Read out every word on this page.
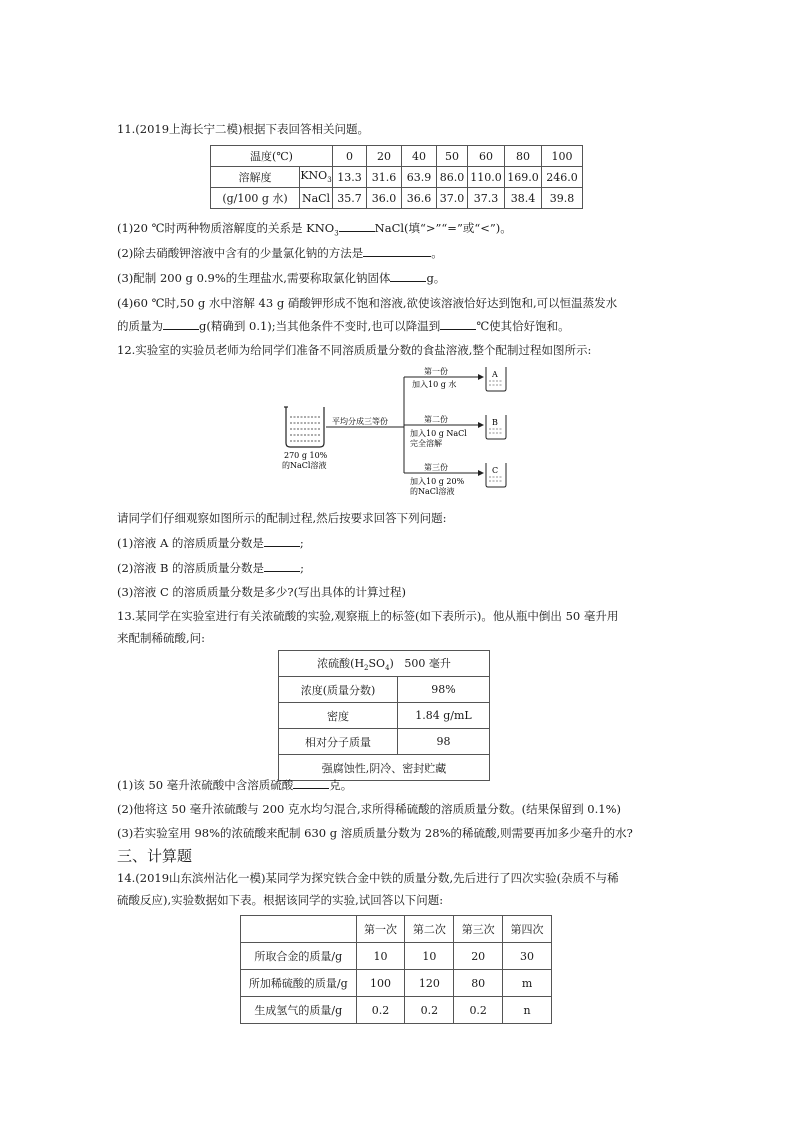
11.(2019上海长宁二模)根据下表回答相关问题。
温度(℃)		0	20	40	50	60	80	100
溶解度	$KNO_3$	13.3	31.6	63.9	86.0	110.0	169.0	246.0
(g/100 g 水)	NaCl	35.7	36.0	36.6	37.0	37.3	38.4	39.8
(1)20 ℃时两种物质溶解度的关系是 $KNO_3$	NaCl(填“>”“=”或“<”)。
(2)除去硝酸钾溶液中含有的少量氯化钠的方法是	。
(3)配制 200 g 0.9%的生理盐水,需要称取氯化钠固体	g。
(4)60 ℃时,50 g 水中溶解 43 g 硝酸钾形成不饱和溶液,欲使该溶液恰好达到饱和,可以恒温蒸发水
的质量为	g(精确到 0.1);当其他条件不变时,也可以降温到	℃使其恰好饱和。
12.实验室的实验员老师为给同学们准备不同溶质质量分数的食盐溶液,整个配制过程如图所示:
270 g 10%
的NaCl溶液
平均分成三等份
第一份
加入10 g 水
第二份
加入10 g NaCl
完全溶解
第三份
加入10 g 20%
的NaCl溶液
A
B
C
请同学们仔细观察如图所示的配制过程,然后按要求回答下列问题:
(1)溶液 A 的溶质质量分数是	;
(2)溶液 B 的溶质质量分数是	;
(3)溶液 C 的溶质质量分数是多少?(写出具体的计算过程)
13.某同学在实验室进行有关浓硫酸的实验,观察瓶上的标签(如下表所示)。他从瓶中倒出 50 毫升用
来配制稀硫酸,问:
浓硫酸$(H_2SO_4)$ 500 毫升	
浓度(质量分数)	98%
密度	1.84 g/mL
相对分子质量	98
强腐蚀性,阴冷、密封贮藏	
(1)该 50 毫升浓硫酸中含溶质硫酸	克。
(2)他将这 50 毫升浓硫酸与 200 克水均匀混合,求所得稀硫酸的溶质质量分数。(结果保留到 0.1%)
(3)若实验室用 98%的浓硫酸来配制 630 g 溶质质量分数为 28%的稀硫酸,则需要再加多少毫升的水?
三、计算题
14.(2019山东滨州沾化一模)某同学为探究铁合金中铁的质量分数,先后进行了四次实验(杂质不与稀
硫酸反应),实验数据如下表。根据该同学的实验,试回答以下问题:
	第一次	第二次	第三次	第四次
所取合金的质量/g	10	10	20	30
所加稀硫酸的质量/g	100	120	80	m
生成氢气的质量/g	0.2	0.2	0.2	n
